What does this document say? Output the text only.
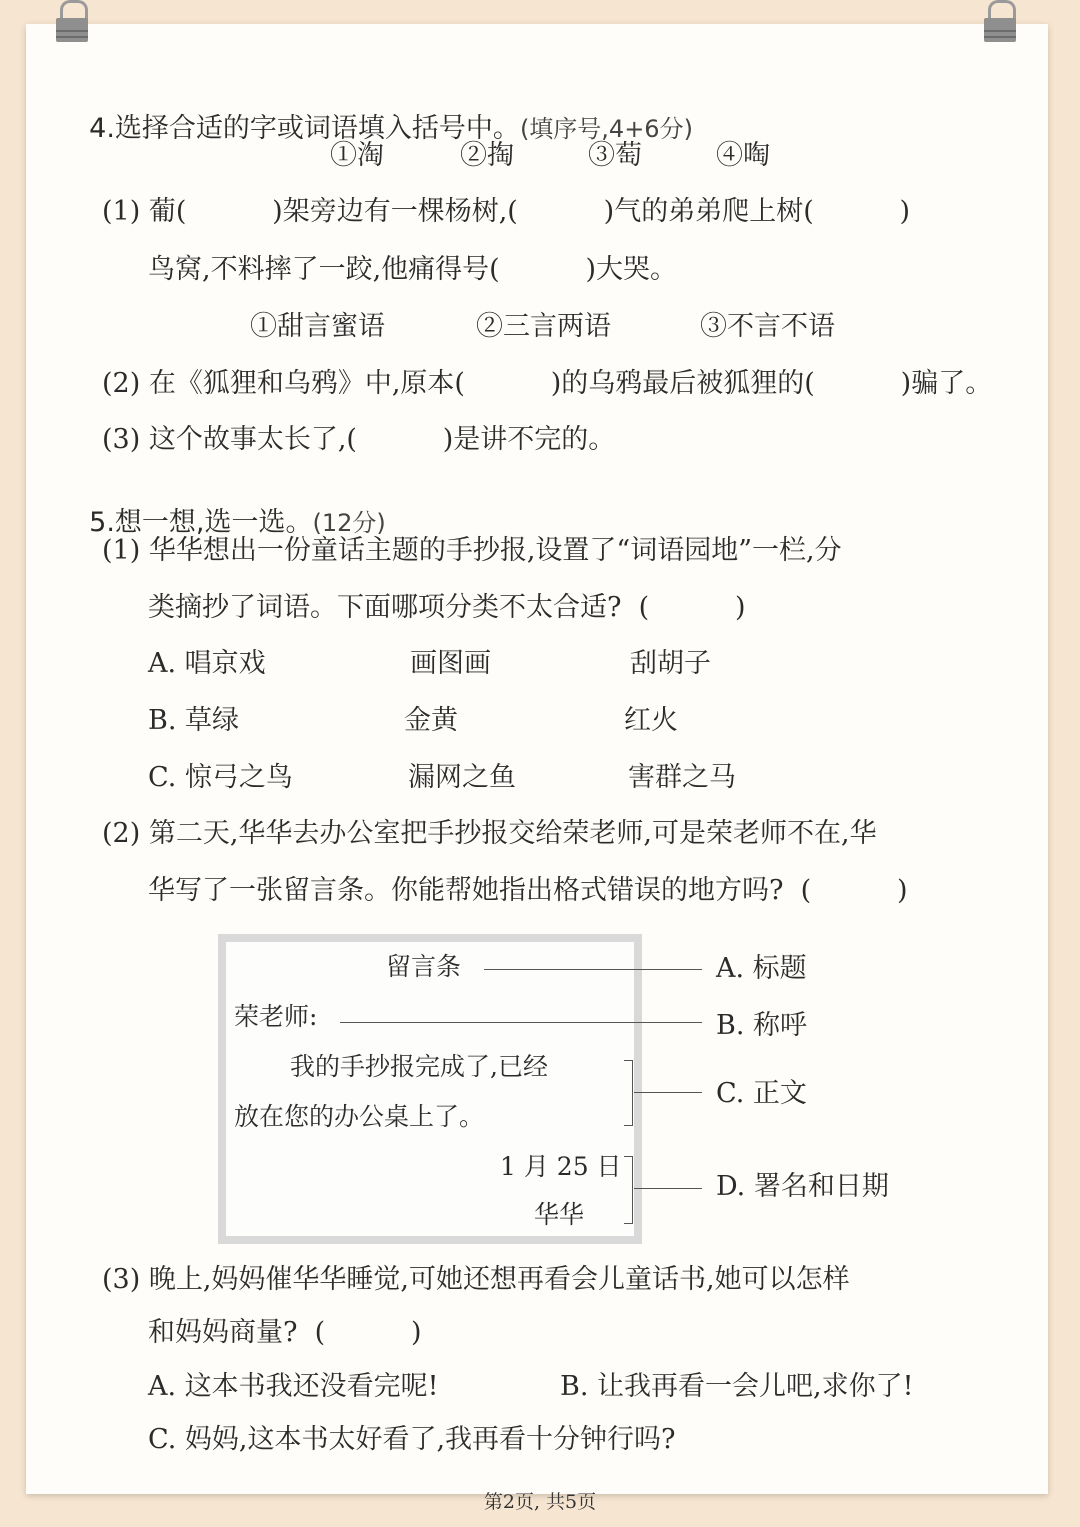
4.选择合适的字或词语填入括号中。(填序号,4+6分)

①淘	②掏	③萄	④啕
(1) 葡(          )架旁边有一棵杨树,(          )气的弟弟爬上树(          )
鸟窝,不料摔了一跤,他痛得号(          )大哭。
①甜言蜜语	②三言两语	③不言不语
(2) 在《狐狸和乌鸦》中,原本(          )的乌鸦最后被狐狸的(          )骗了。
(3) 这个故事太长了,(          )是讲不完的。

5.想一想,选一选。(12分)

(1) 华华想出一份童话主题的手抄报,设置了“词语园地”一栏,分
类摘抄了词语。下面哪项分类不太合适?  (          )
A. 唱京戏	画图画	刮胡子
B. 草绿	金黄	红火
C. 惊弓之鸟	漏网之鱼	害群之马
(2) 第二天,华华去办公室把手抄报交给荣老师,可是荣老师不在,华
华写了一张留言条。你能帮她指出格式错误的地方吗?  (          )
留言条
荣老师:
我的手抄报完成了,已经
放在您的办公桌上了。
1 月 25 日
华华
A. 标题
B. 称呼
C. 正文
D. 署名和日期
(3) 晚上,妈妈催华华睡觉,可她还想再看会儿童话书,她可以怎样
和妈妈商量?  (          )
A. 这本书我还没看完呢!	B. 让我再看一会儿吧,求你了!
C. 妈妈,这本书太好看了,我再看十分钟行吗?
第2页, 共5页
